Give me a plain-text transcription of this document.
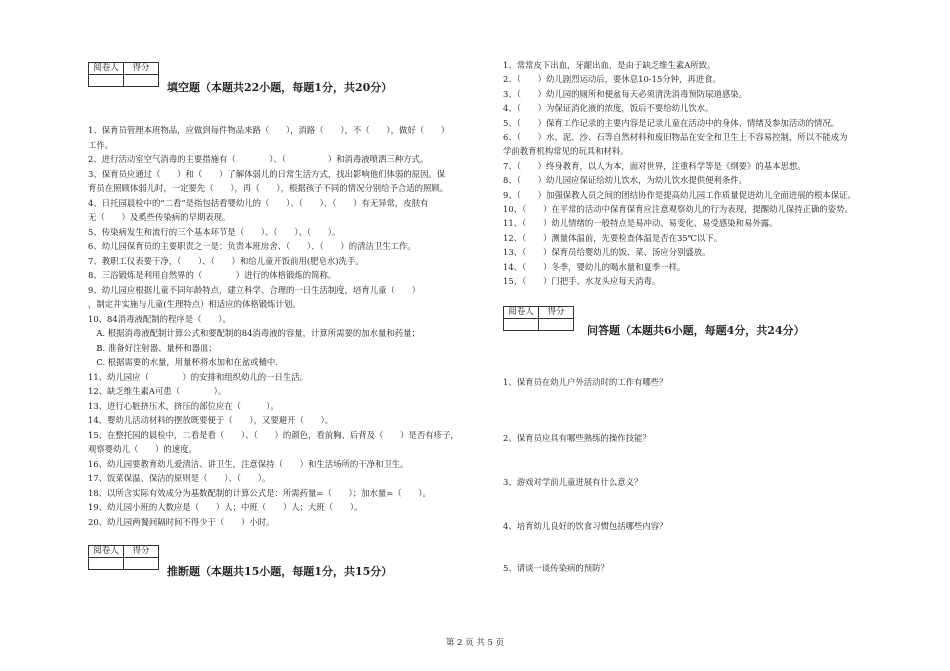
阅卷人	得分

填空题（本题共22小题，每题1分，共20分）
1、保育员管理本班物品，应做到每件物品来路（　　），消路（　　），不（　　），做好（　　）
工作。
2、进行活动室空气消毒的主要措施有（　　　　）、（　　　　　）和消毒液喷洒三种方式。
3、保育员应通过（　　）和（　　）了解体弱儿的日常生活方式，找出影响他们体弱的原因。保
育员在照顾体弱儿时，一定要先（　　），再（　　），根据孩子不同的情况分别给予合适的照顾。
4、日托园晨检中的“二看”是指包括看婴幼儿的（　　）、（　　）、（　　）有无异常，皮肤有
无（　　）及奚些传染病的早期表现。
5、传染病发生和流行的三个基本环节是（　　）、（　　）、（　　）。
6、幼儿园保育员的主要职责之一是：负责本班房舍、（　　）、（　　）的清洁卫生工作。
7、教职工仪表要干净，（　　）、（　　）和给儿童开饭前用(肥皂水)洗手。
8、三浴锻炼是利用自然界的（　　　　）进行的体格锻炼的简称。
9、幼儿园应根据儿童不同年龄特点，建立科学、合理的一日生活制度，培育儿童（　　）
，制定并实施与儿童(生理特点）相适应的体格锻炼计划。
10、84消毒液配制的程序是（　　）。
　A. 根据消毒液配制计算公式和要配制的84消毒液的容量，计算所需要的加水量和药量；
　B. 准备好注射器、量杯和器皿；
　C. 根据需要的水量，用量杯将水加和在盆或桶中.
11、幼儿园应（　　　　）的安排和组织幼儿的一日生活。
12、缺乏维生素A可患（　　　　）。
13、进行心脏挤压术，挤压的部位应在（　　　）。
14、婴幼儿活动材料的摆放既要便于（　　），又要避开（　　）。
15、在整托园的晨检中，二看是看（　　）、（　　）的颜色，看前胸、后背及（　　）是否有疹子，
观察婴幼儿（　　）的速度。
16、幼儿园要教育幼儿爱清洁、讲卫生，注意保持（　　）和生活场所的干净和卫生。
17、饭菜保温、保洁的原则是（　　）、（　　）。
18、以所含实际有效成分为基数配制的计算公式是：所需药量=（　　）；加水量=（　　）。
19、幼儿园小班的人数应是（　　）人；中班（　　）人；大班（　　）。
20、幼儿园两餐间隔时间不得少于（　　）小时。
阅卷人	得分

推断题（本题共15小题，每题1分，共15分）
1、常常皮下出血，牙龈出血，是由于缺乏维生素A所致。
2、（　　）幼儿剧烈运动后，要休息10-15分钟，再进食。
3、（　　）幼儿园的厕所和便盆每天必须清洗消毒预防尿道感染。
4、（　　）为保证消化液的浓度，饭后不要给幼儿饮水。
5、（　　）保育工作记录的主要内容是记录儿童在活动中的身体、情绪及参加活动的情况。
6、（　　）水、泥、沙、石等自然材料和废旧物品在安全和卫生上不容易控制，所以不能成为
学前教育机构常见的玩具和材料。
7、（　　）终身教育，以人为本，面对世界，注重科学等是《纲要》的基本思想。
8、（　　）幼儿园应保证给幼儿饮水，为幼儿饮水提供便利条件。
9、（　　）加强保教人员之间的团结协作是提高幼儿园工作质量促进幼儿全面进展的根本保证。
10、（　　）在平常的活动中保育保育应注意观察幼儿的行为表现，提醒幼儿保持正确的姿势。
11、（　　）幼儿情绪的一般特点是易冲动、易变化、易受感染和易外露。
12、（　　）测量体温前，先要检查体温是否在35℃以下。
13、（　　）保育员给婴幼儿的饭、菜、汤应分别盛放。
14、（　　）冬季，婴幼儿的喝水量和夏季一样。
15、（　　）门把手、水龙头应每天消毒。
阅卷人	得分

问答题（本题共6小题，每题4分，共24分）
1、保育员在幼儿户外活动时的工作有哪些？
2、保育员应具有哪些熟练的操作技能？
3、游戏对学前儿童进展有什么意义？
4、培育幼儿良好的饮食习惯包括哪些内容？
5、请谈一谈传染病的预防？
第 2 页 共 5 页
